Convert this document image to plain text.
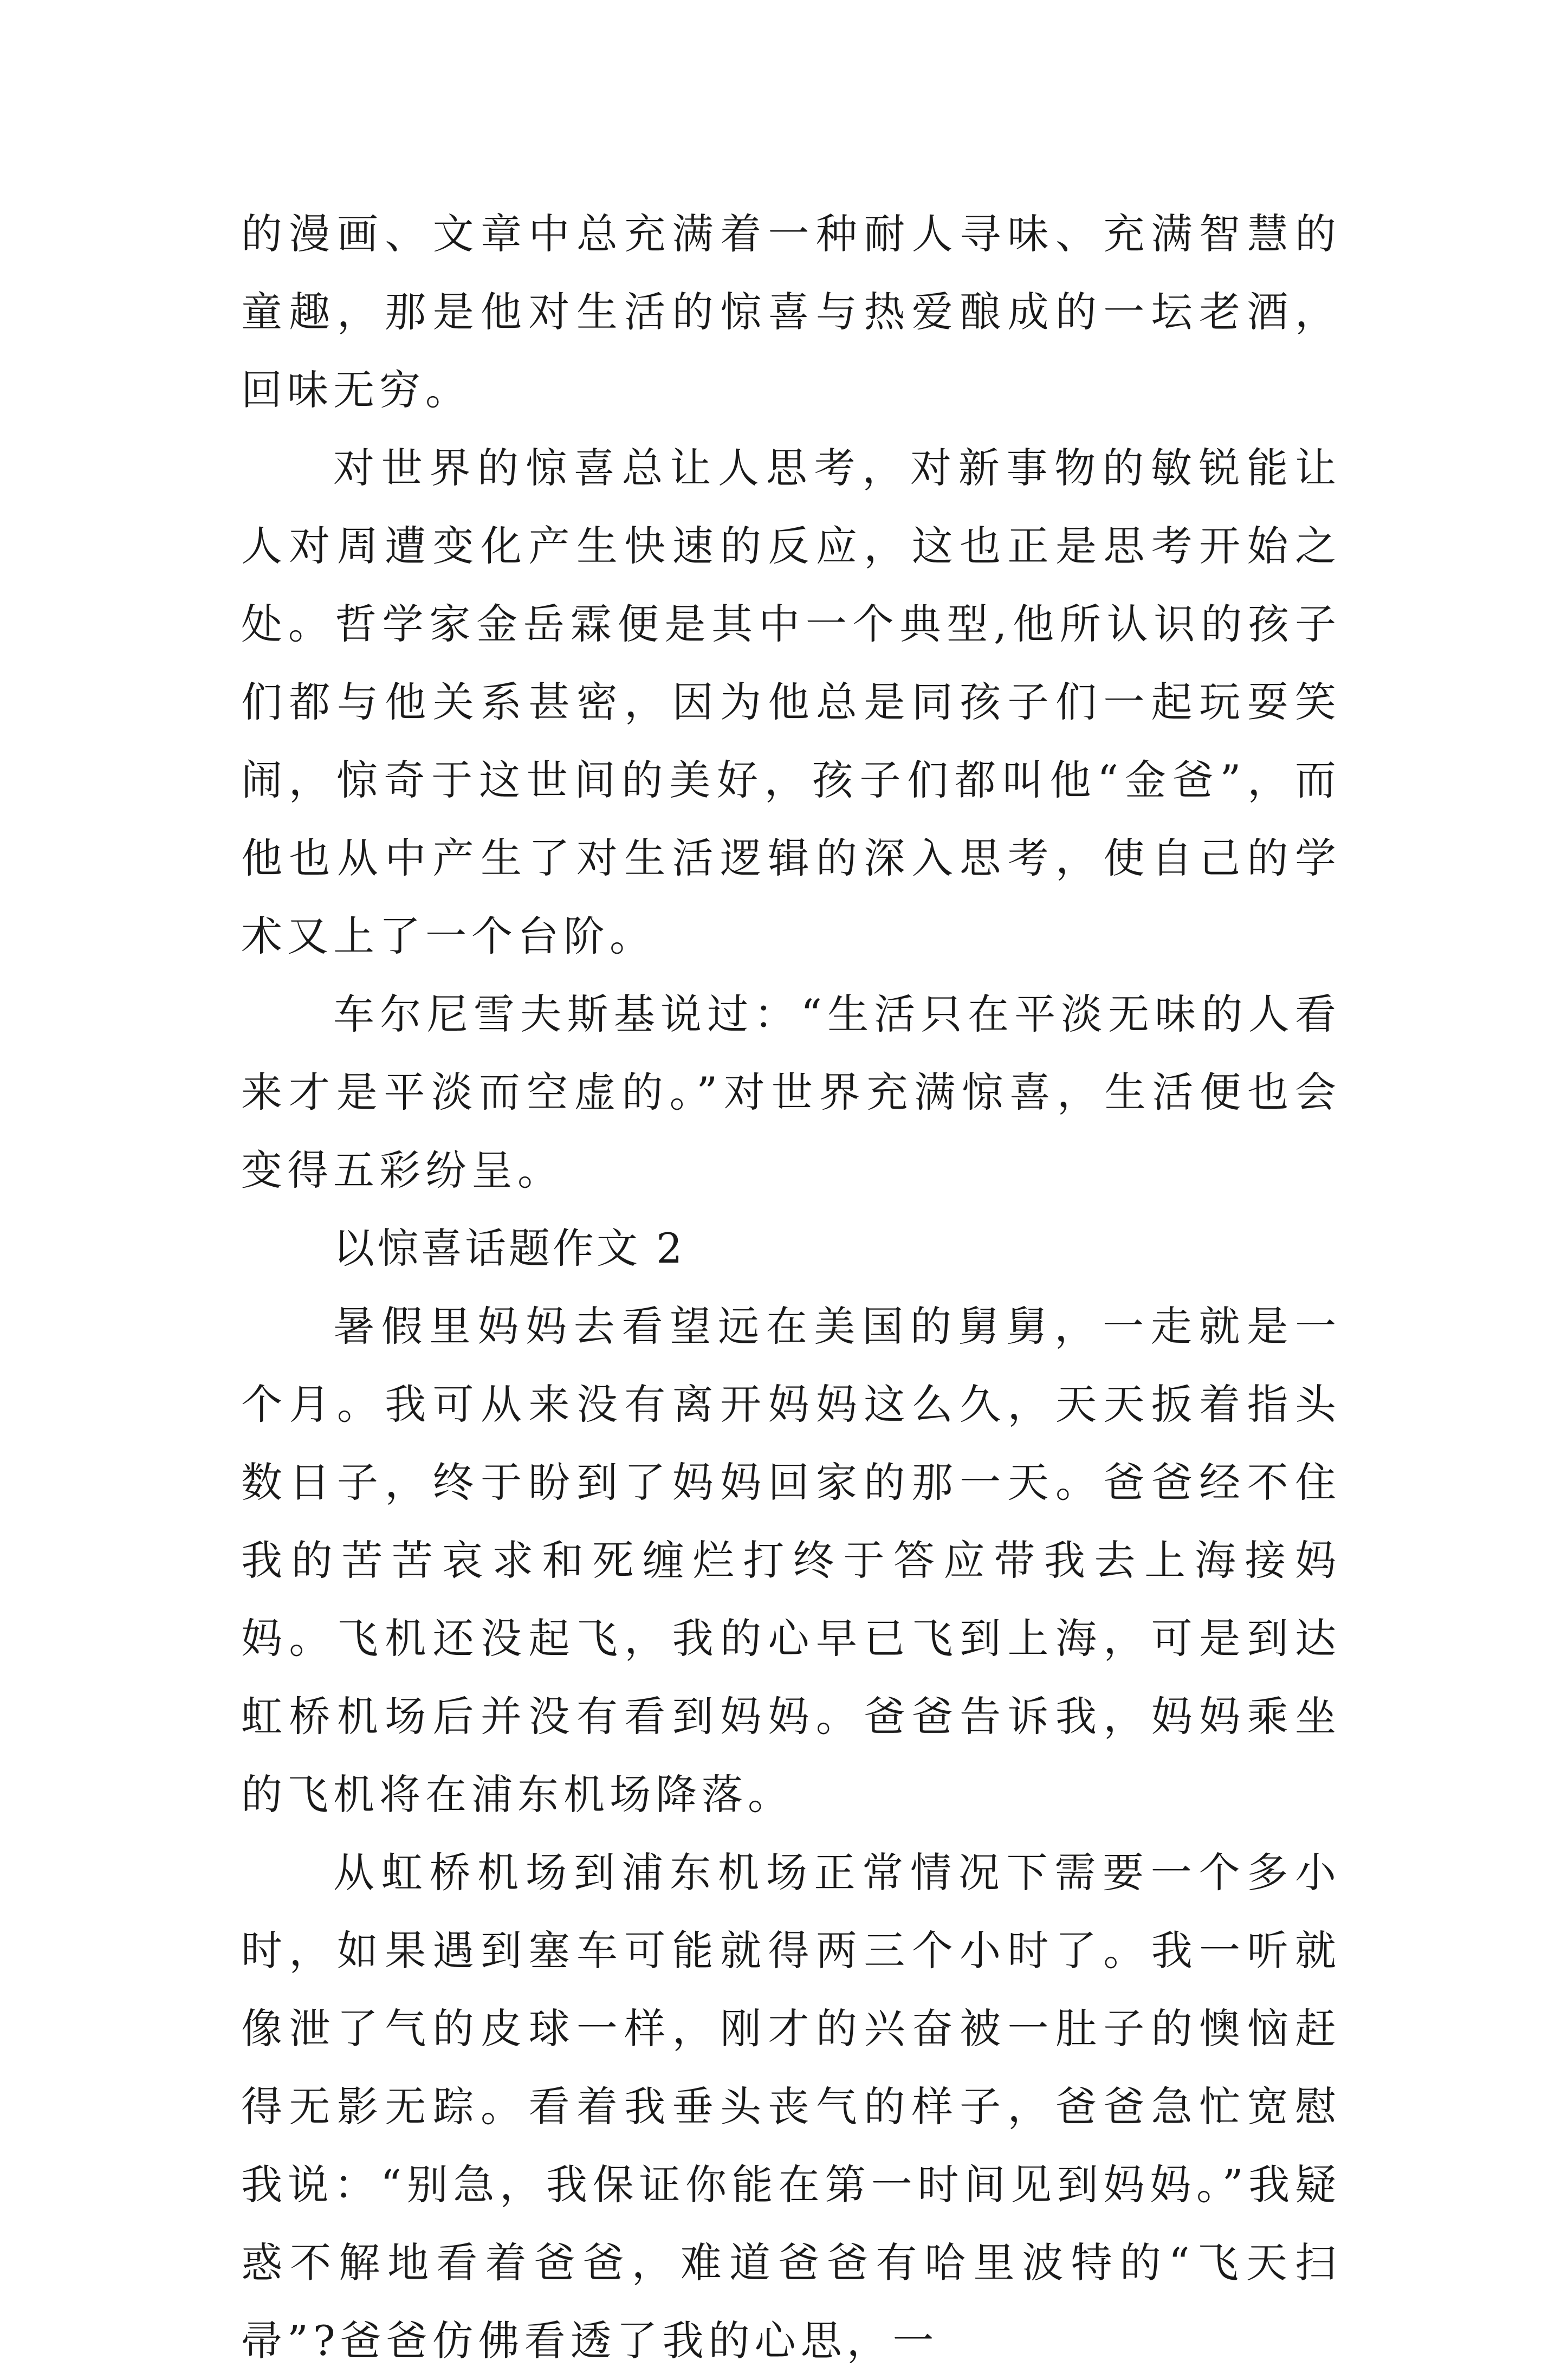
的漫画、文章中总充满着一种耐人寻味、充满智慧的童趣，那是他对生活的惊喜与热爱酿成的一坛老酒，回味无穷。

对世界的惊喜总让人思考，对新事物的敏锐能让人对周遭变化产生快速的反应，这也正是思考开始之处。哲学家金岳霖便是其中一个典型,他所认识的孩子们都与他关系甚密，因为他总是同孩子们一起玩耍笑闹，惊奇于这世间的美好，孩子们都叫他“金爸”，而他也从中产生了对生活逻辑的深入思考，使自己的学术又上了一个台阶。

车尔尼雪夫斯基说过：“生活只在平淡无味的人看来才是平淡而空虚的。”对世界充满惊喜，生活便也会变得五彩纷呈。

以惊喜话题作文 2

暑假里妈妈去看望远在美国的舅舅，一走就是一个月。我可从来没有离开妈妈这么久，天天扳着指头数日子，终于盼到了妈妈回家的那一天。爸爸经不住我的苦苦哀求和死缠烂打终于答应带我去上海接妈妈。飞机还没起飞，我的心早已飞到上海，可是到达虹桥机场后并没有看到妈妈。爸爸告诉我，妈妈乘坐的飞机将在浦东机场降落。

从虹桥机场到浦东机场正常情况下需要一个多小时，如果遇到塞车可能就得两三个小时了。我一听就像泄了气的皮球一样，刚才的兴奋被一肚子的懊恼赶得无影无踪。看着我垂头丧气的样子，爸爸急忙宽慰我说：“别急，我保证你能在第一时间见到妈妈。”我疑惑不解地看着爸爸，难道爸爸有哈里波特的“飞天扫帚”?爸爸仿佛看透了我的心思，一
